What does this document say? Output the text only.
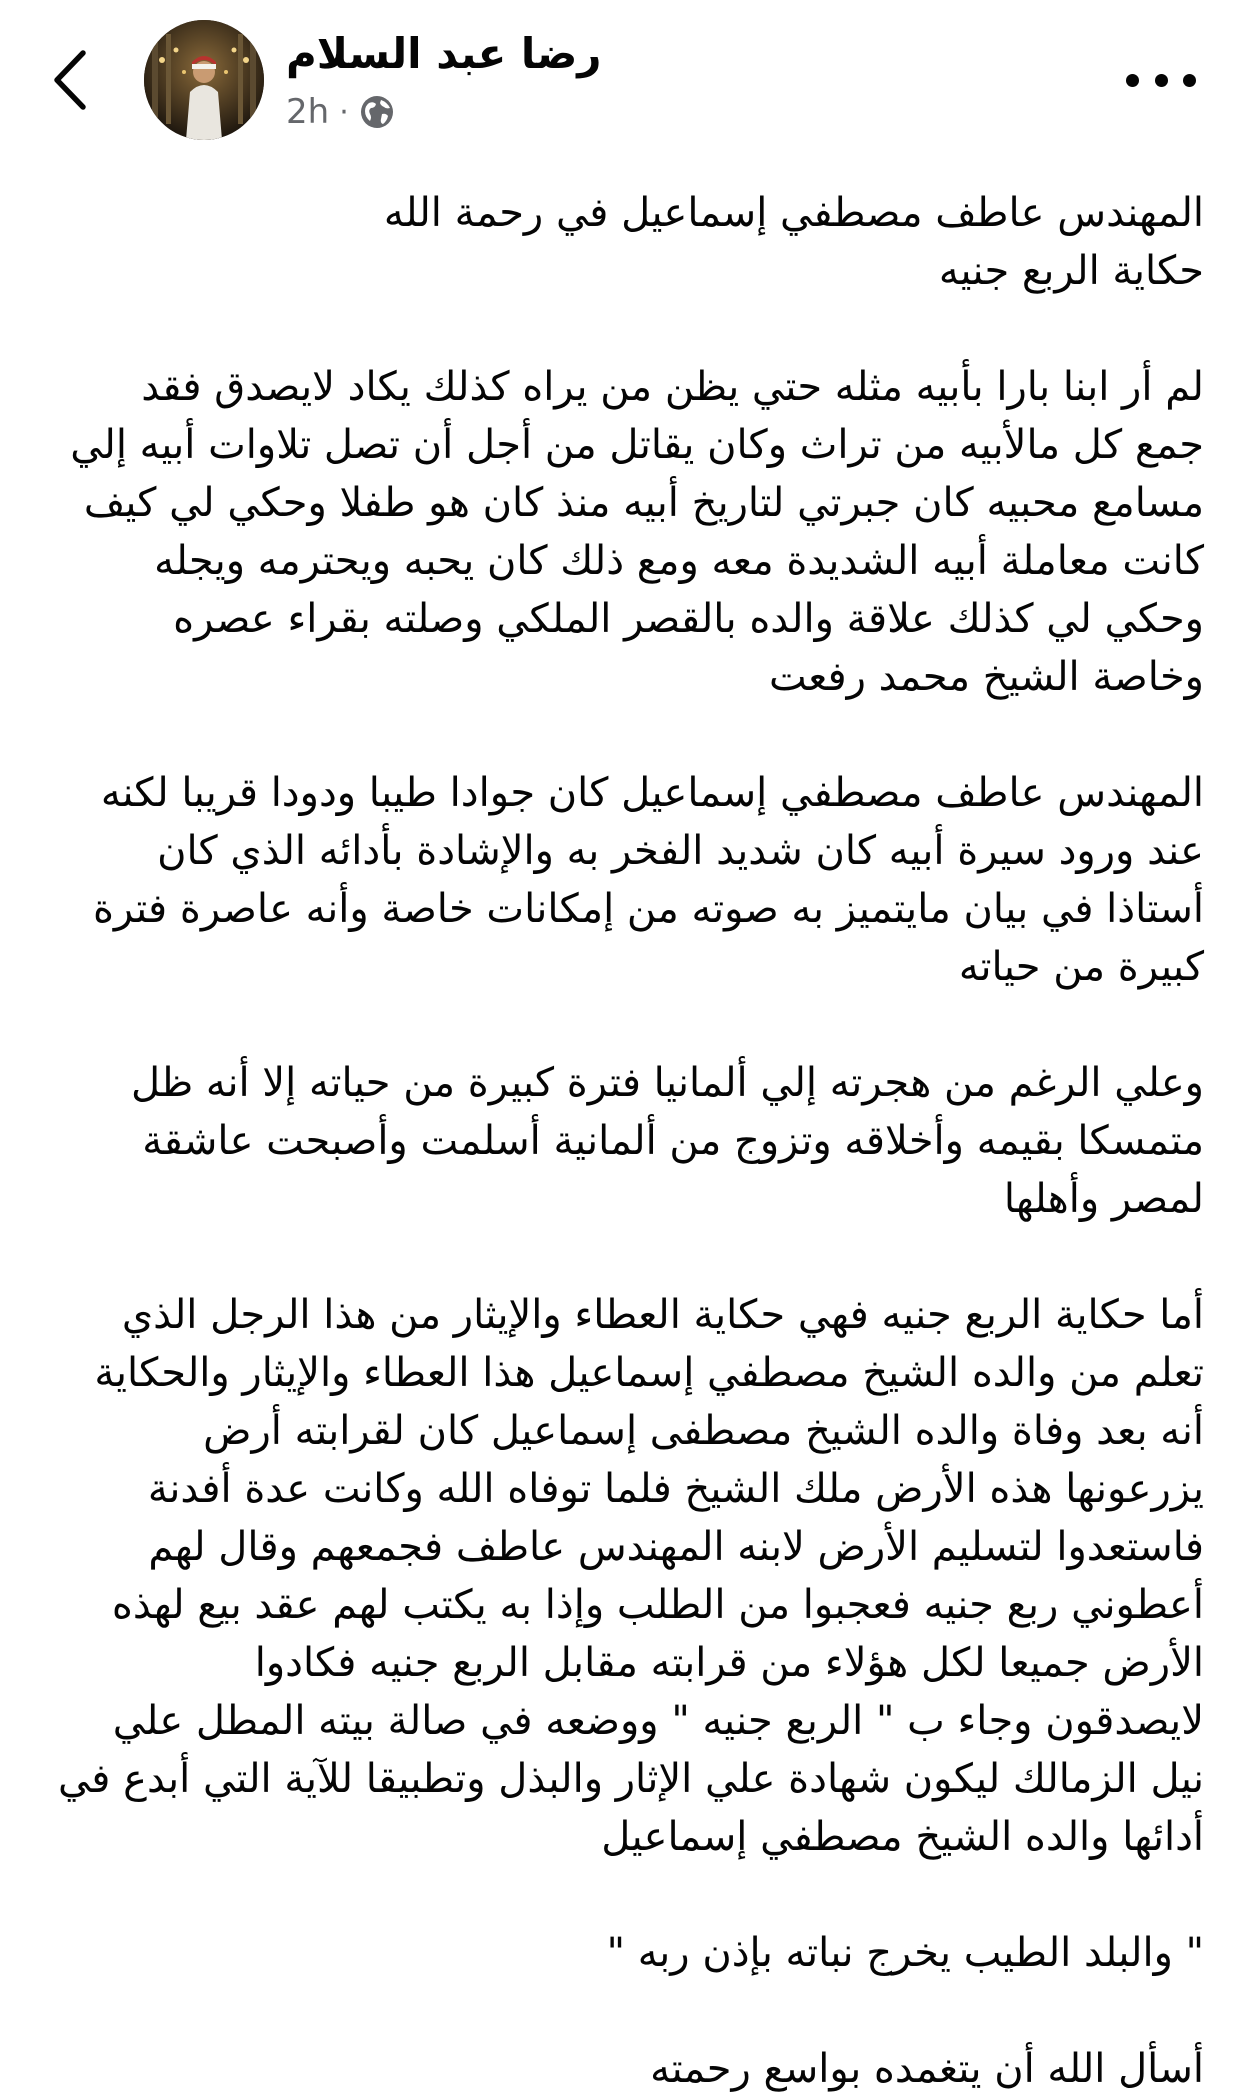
رضا عبد السلام
2h ·

المهندس عاطف مصطفي إسماعيل في رحمة الله
حكاية الربع جنيه

لم أر ابنا بارا بأبيه مثله حتي يظن من يراه كذلك يكاد لايصدق فقد
جمع كل مالأبيه من تراث وكان يقاتل من أجل أن تصل تلاوات أبيه إلي
مسامع محبيه كان جبرتي لتاريخ أبيه منذ كان هو طفلا وحكي لي كيف
كانت معاملة أبيه الشديدة معه ومع ذلك كان يحبه ويحترمه ويجله
وحكي لي كذلك علاقة والده بالقصر الملكي وصلته بقراء عصره
وخاصة الشيخ محمد رفعت

المهندس عاطف مصطفي إسماعيل كان جوادا طيبا ودودا قريبا لكنه
عند ورود سيرة أبيه كان شديد الفخر به والإشادة بأدائه الذي كان
أستاذا في بيان مايتميز به صوته من إمكانات خاصة وأنه عاصرة فترة
كبيرة من حياته

وعلي الرغم من هجرته إلي ألمانيا فترة كبيرة من حياته إلا أنه ظل
متمسكا بقيمه وأخلاقه وتزوج من ألمانية أسلمت وأصبحت عاشقة
لمصر وأهلها

أما حكاية الربع جنيه فهي حكاية العطاء والإيثار من هذا الرجل الذي
تعلم من والده الشيخ مصطفي إسماعيل هذا العطاء والإيثار والحكاية
أنه بعد وفاة والده الشيخ مصطفى إسماعيل كان لقرابته أرض
يزرعونها هذه الأرض ملك الشيخ فلما توفاه الله وكانت عدة أفدنة
فاستعدوا لتسليم الأرض لابنه المهندس عاطف فجمعهم وقال لهم
أعطوني ربع جنيه فعجبوا من الطلب وإذا به يكتب لهم عقد بيع لهذه
الأرض جميعا لكل هؤلاء من قرابته مقابل الربع جنيه فكادوا
لايصدقون وجاء ب " الربع جنيه " ووضعه في صالة بيته المطل علي
نيل الزمالك ليكون شهادة علي الإثار والبذل وتطبيقا للآية التي أبدع في
أدائها والده الشيخ مصطفي إسماعيل

" والبلد الطيب يخرج نباته بإذن ربه "

أسأل الله أن يتغمده بواسع رحمته
